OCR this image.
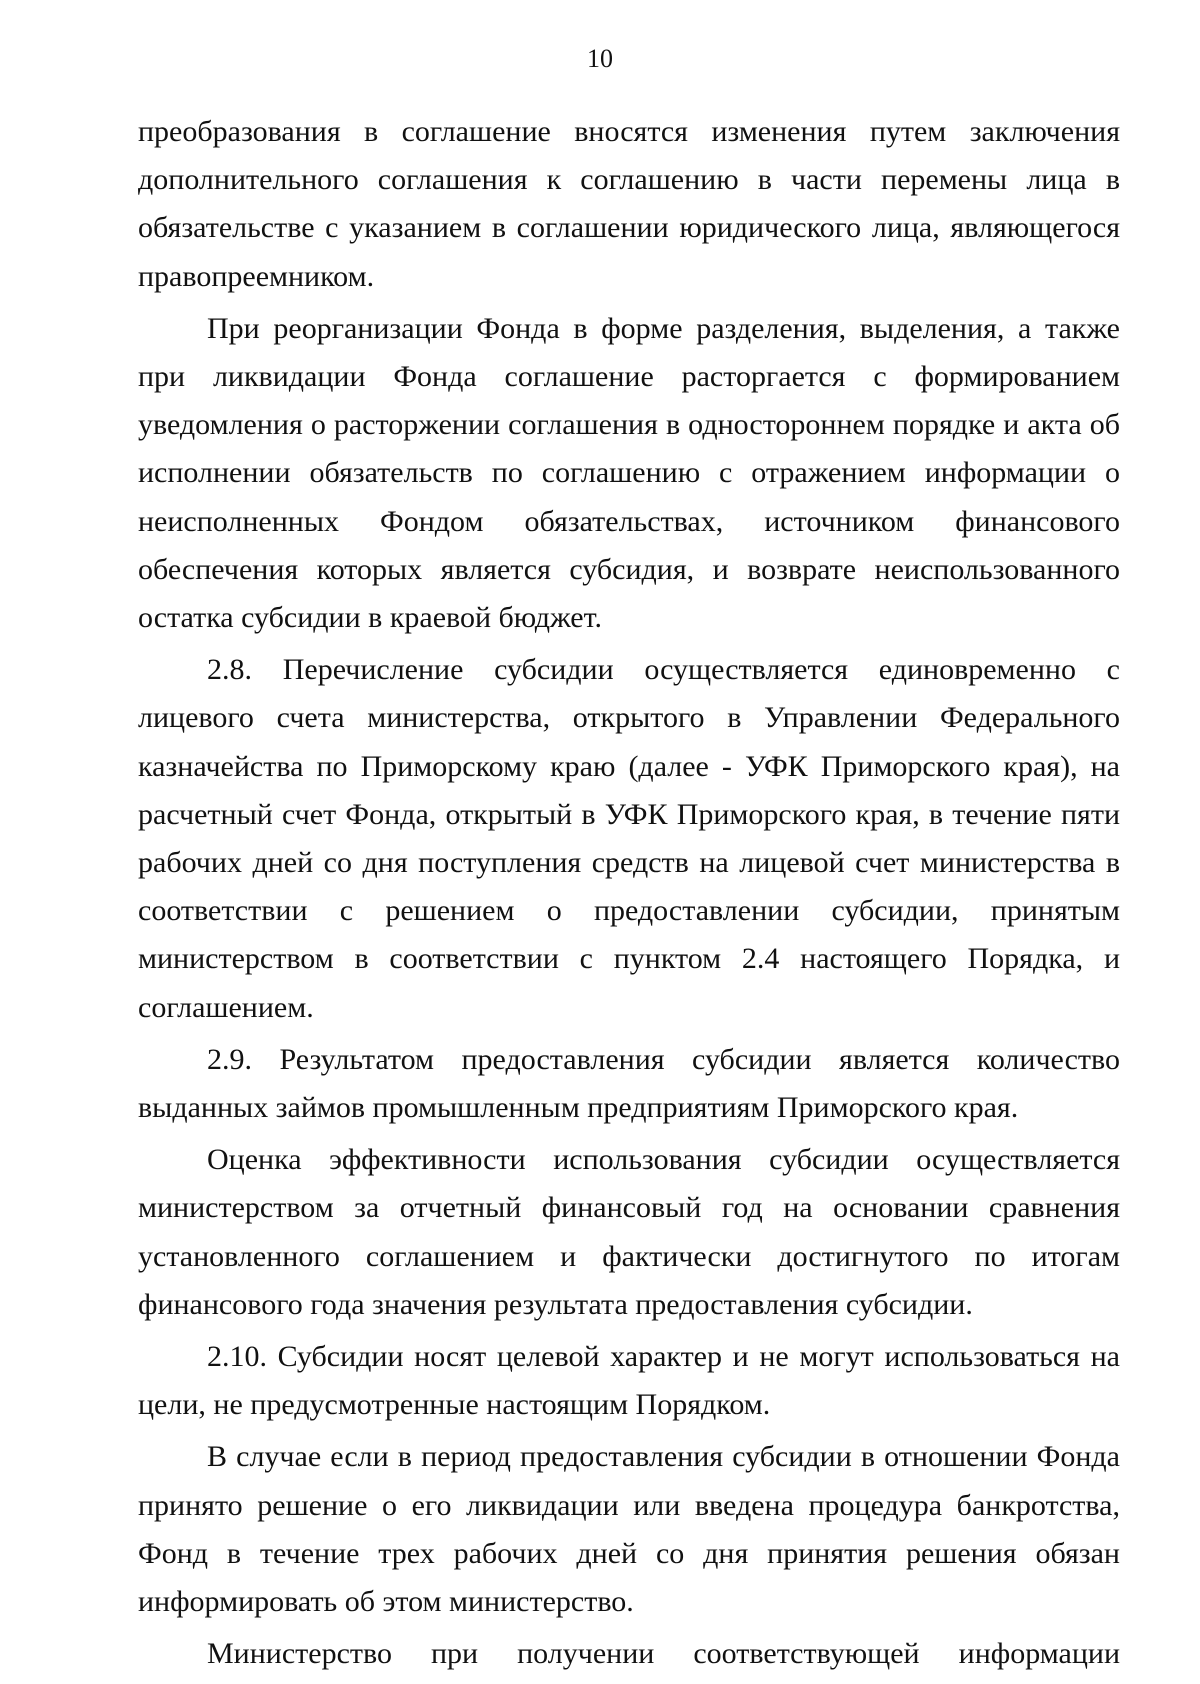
10

преобразования в соглашение вносятся изменения путем заключения дополнительного соглашения к соглашению в части перемены лица в обязательстве с указанием в соглашении юридического лица, являющегося правопреемником.

При реорганизации Фонда в форме разделения, выделения, а также при ликвидации Фонда соглашение расторгается с формированием уведомления о расторжении соглашения в одностороннем порядке и акта об исполнении обязательств по соглашению с отражением информации о неисполненных Фондом обязательствах, источником финансового обеспечения которых является субсидия, и возврате неиспользованного остатка субсидии в краевой бюджет.

2.8. Перечисление субсидии осуществляется единовременно с лицевого счета министерства, открытого в Управлении Федерального казначейства по Приморскому краю (далее - УФК Приморского края), на расчетный счет Фонда, открытый в УФК Приморского края, в течение пяти рабочих дней со дня поступления средств на лицевой счет министерства в соответствии с решением о предоставлении субсидии, принятым министерством в соответствии с пунктом 2.4 настоящего Порядка, и соглашением.

2.9. Результатом предоставления субсидии является количество выданных займов промышленным предприятиям Приморского края.

Оценка эффективности использования субсидии осуществляется министерством за отчетный финансовый год на основании сравнения установленного соглашением и фактически достигнутого по итогам финансового года значения результата предоставления субсидии.

2.10. Субсидии носят целевой характер и не могут использоваться на цели, не предусмотренные настоящим Порядком.

В случае если в период предоставления субсидии в отношении Фонда принято решение о его ликвидации или введена процедура банкротства, Фонд в течение трех рабочих дней со дня принятия решения обязан информировать об этом министерство.

Министерство при получении соответствующей информации
